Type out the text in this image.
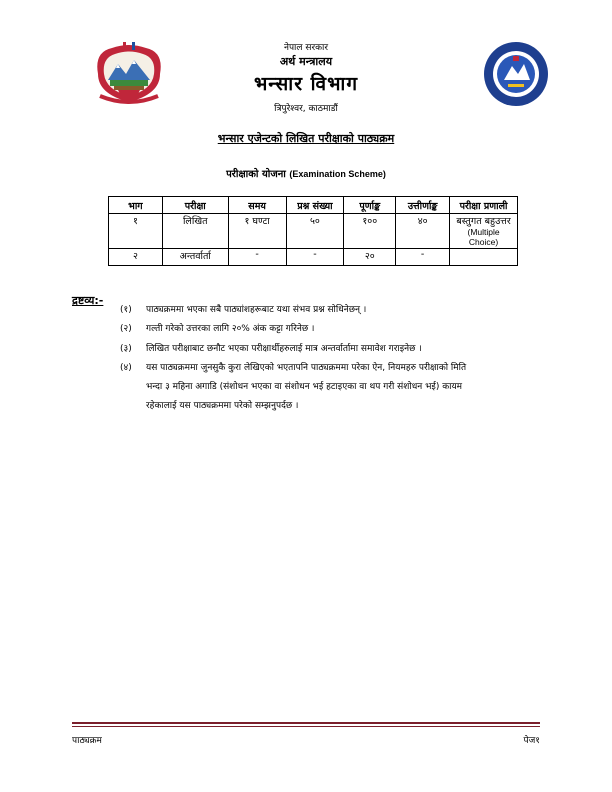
नेपाल सरकार
अर्थ मन्त्रालय
भन्सार विभाग
त्रिपुरेश्वर, काठमाडौं
भन्सार एजेन्टको लिखित परीक्षाको पाठ्यक्रम
परीक्षाको योजना (Examination Scheme)
भाग	परीक्षा	समय	प्रश्न संख्या	पूर्णाङ्क	उत्तीर्णाङ्क	परीक्षा प्रणाली
१	लिखित	१ घण्टा	५०	१००	४०	बस्तुगत बहुउत्तर
(Multiple Choice)

२	अन्तर्वार्ता	-	-	२०	-	
द्रष्टव्य:-
(१) पाठ्यक्रममा भएका सबै पाठ्यांशहरूबाट यथा संभव प्रश्न सोधिनेछन् ।
(२) गल्ती गरेको उत्तरका लागि २०% अंक कट्टा गरिनेछ ।
(३) लिखित परीक्षाबाट छनौट भएका परीक्षार्थीहरुलाई मात्र अन्तर्वार्तामा समावेश गराइनेछ ।
(४) यस पाठ्यक्रममा जुनसुकै कुरा लेखिएको भएतापनि पाठ्यक्रममा परेका ऐन, नियमहरु परीक्षाको मिति
भन्दा ३ महिना अगाडि (संशोधन भएका वा संशोधन भई हटाइएका वा थप गरी संशोधन भई) कायम
रहेकालाई यस पाठ्यक्रममा परेको सम्झनुपर्दछ ।
पाठ्यक्रम	पेज१
